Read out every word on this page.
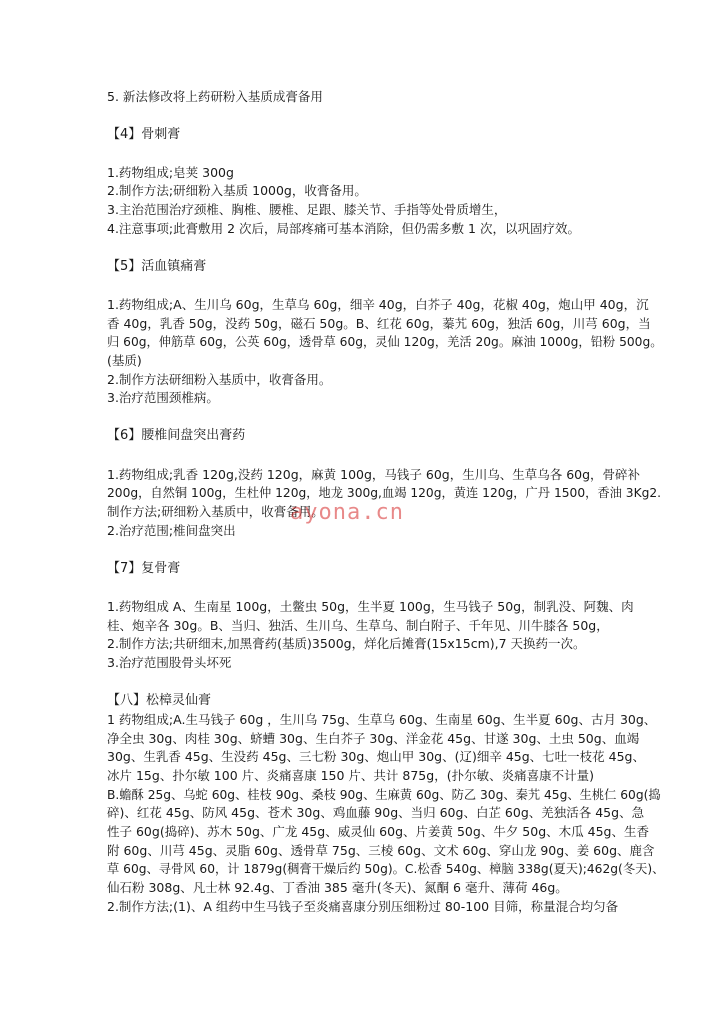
5. 新法修改将上药研粉入基质成膏备用
【4】骨刺膏
1.药物组成;皂荚 300g
2.制作方法;研细粉入基质 1000g，收膏备用。
3.主治范围治疗颈椎、胸椎、腰椎、足跟、膝关节、手指等处骨质增生，
4.注意事项;此膏敷用 2 次后，局部疼痛可基本消除，但仍需多敷 1 次，以巩固疗效。
【5】活血镇痛膏
1.药物组成;A、生川乌 60g，生草乌 60g，细辛 40g，白芥子 40g，花椒 40g，炮山甲 40g，沉
香 40g，乳香 50g，没药 50g，磁石 50g。B、红花 60g，蓁艽 60g，独活 60g，川芎 60g，当
归 60g，伸筋草 60g，公英 60g，透骨草 60g，灵仙 120g，羌活 20g。麻油 1000g，铅粉 500g。
(基质)
2.制作方法研细粉入基质中，收膏备用。
3.治疗范围颈椎病。
【6】腰椎间盘突出膏药
1.药物组成;乳香 120g,没药 120g，麻黄 100g，马钱子 60g，生川乌、生草乌各 60g，骨碎补
200g，自然铜 100g，生杜仲 120g，地龙 300g,血竭 120g，黄连 120g，广丹 1500，香油 3Kg2.
制作方法;研细粉入基质中，收膏备用。
2.治疗范围;椎间盘突出
【7】复骨膏
1.药物组成 A、生南星 100g，土鳖虫 50g，生半夏 100g，生马钱子 50g，制乳没、阿魏、肉
桂、炮辛各 30g。B、当归、独活、生川乌、生草乌、制白附子、千年见、川牛膝各 50g，
2.制作方法;共研细末,加黑膏药(基质)3500g，烊化后摊膏(15x15cm),7 天换药一次。
3.治疗范围股骨头坏死
【八】松樟灵仙膏
1 药物组成;A.生马钱子 60g ，生川乌 75g、生草乌 60g、生南星 60g、生半夏 60g、古月 30g、
净全虫 30g、肉桂 30g、蛴螬 30g、生白芥子 30g、洋金花 45g、甘遂 30g、土虫 50g、血竭
30g、生乳香 45g、生没药 45g、三七粉 30g、炮山甲 30g、(辽)细辛 45g、七吐一枝花 45g、
冰片 15g、扑尔敏 100 片、炎痛喜康 150 片、共计 875g，(扑尔敏、炎痛喜康不计量)
B.蟾酥 25g、乌蛇 60g、桂枝 90g、桑枝 90g、生麻黄 60g、防乙 30g、秦艽 45g、生桃仁 60g(捣
碎)、红花 45g、防风 45g、苍术 30g、鸡血藤 90g、当归 60g、白芷 60g、羌独活各 45g、急
性子 60g(捣碎)、苏木 50g、广龙 45g、威灵仙 60g、片姜黄 50g、牛夕 50g、木瓜 45g、生香
附 60g、川芎 45g、灵脂 60g、透骨草 75g、三棱 60g、文术 60g、穿山龙 90g、姜 60g、鹿含
草 60g、寻骨风 60，计 1879g(稠膏干燥后约 50g)。C.松香 540g、樟脑 338g(夏天);462g(冬天)、
仙石粉 308g、凡士林 92.4g、丁香油 385 毫升(冬天)、氮酮 6 毫升、薄荷 46g。
2.制作方法;(1)、A 组药中生马钱子至炎痛喜康分别压细粉过 80-100 目筛，称量混合均匀备
ayona.cn
